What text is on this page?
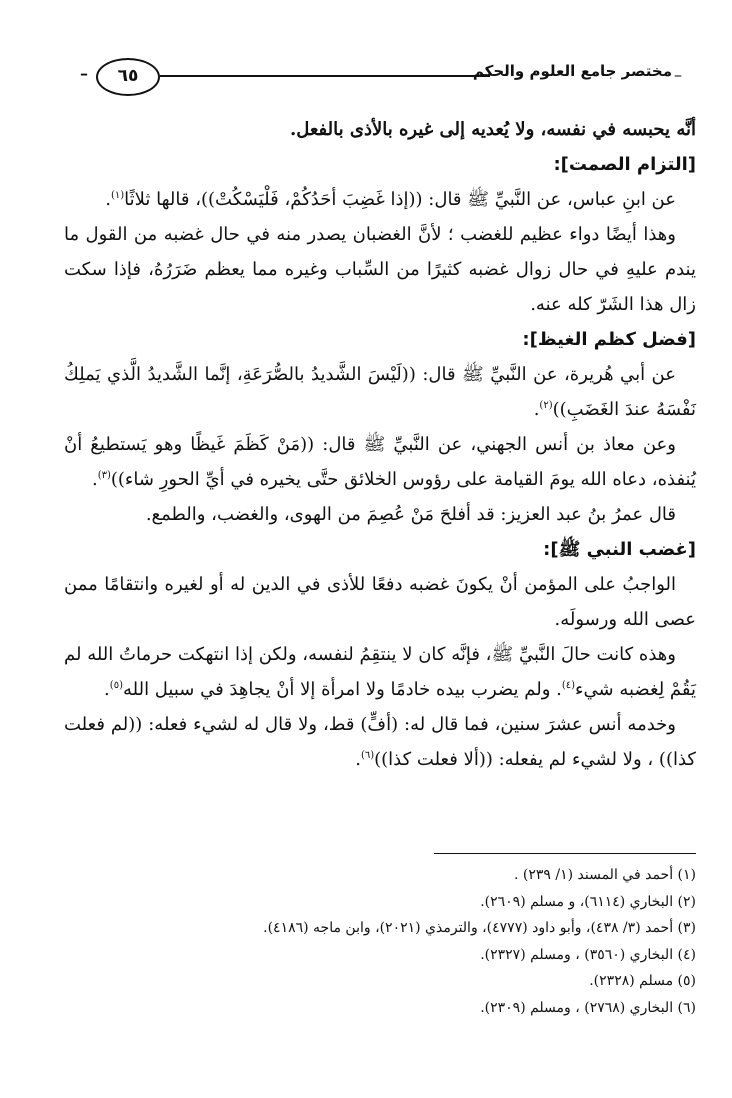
–
مختصر جامع العلوم والحكم
٦٥
–

أنَّه يحبسه في نفسه، ولا يُعديه إلى غيره بالأذى بالفعل.

[التزام الصمت]:

عن ابنِ عباس، عن النَّبيِّ ﷺ قال: ((إذا غَضِبَ أحَدُكُمْ، فَلْيَسْكُتْ))، قالها ثلاثًا$^{(١)}$.

وهذا أيضًا دواء عظيم للغضب ؛ لأنَّ الغضبان يصدر منه في حال غضبه من القول ما يندم عليهِ في حال زوال غضبه كثيرًا من السِّباب وغيره مما يعظم ضَرَرُهُ، فإذا سكت زال هذا الشَرّ كله عنه.

[فضل كظم الغيظ]:

عن أبي هُريرة، عن النَّبيِّ ﷺ قال: ((لَيْسَ الشَّديدُ بالصُّرَعَةِ، إنَّما الشَّديدُ الَّذي يَملِكُ نَفْسَهُ عندَ الغَضَبِ))$^{(٢)}$.

وعن معاذ بن أنس الجهني، عن النَّبيِّ ﷺ قال: ((مَنْ كَظَمَ غَيظًا وهو يَستطيعُ أنْ يُنفذه، دعاه الله يومَ القيامة على رؤوس الخلائق حتَّى يخيره في أيِّ الحورِ شاء))$^{(٣)}$.

قال عمرُ بنُ عبد العزيز: قد أفلحَ مَنْ عُصِمَ من الهوى، والغضب، والطمع.

[غضب النبي ﷺ]:

الواجبُ على المؤمن أنْ يكونَ غضبه دفعًا للأذى في الدين له أو لغيره وانتقامًا ممن عصى الله ورسولَه.

وهذه كانت حالَ النَّبيِّ ﷺ، فإنَّه كان لا ينتقِمُ لنفسه، ولكن إذا انتهكت حرماتُ الله لم يَقُمْ لِغضبه شيء$^{(٤)}$. ولم يضرب بيده خادمًا ولا امرأة إلا أنْ يجاهِدَ في سبيل الله$^{(٥)}$.

وخدمه أنس عشرَ سنين، فما قال له: (أفٍّ) قط، ولا قال له لشيء فعله: ((لم فعلت كذا)) ، ولا لشيء لم يفعله: ((ألا فعلت كذا))$^{(٦)}$.

(١) أحمد في المسند (١/ ٢٣٩) .
(٢) البخاري (٦١١٤)، و مسلم (٢٦٠٩).
(٣) أحمد (٣/ ٤٣٨)، وأبو داود (٤٧٧٧)، والترمذي (٢٠٢١)، وابن ماجه (٤١٨٦).
(٤) البخاري (٣٥٦٠) ، ومسلم (٢٣٢٧).
(٥) مسلم (٢٣٢٨).
(٦) البخاري (٢٧٦٨) ، ومسلم (٢٣٠٩).
